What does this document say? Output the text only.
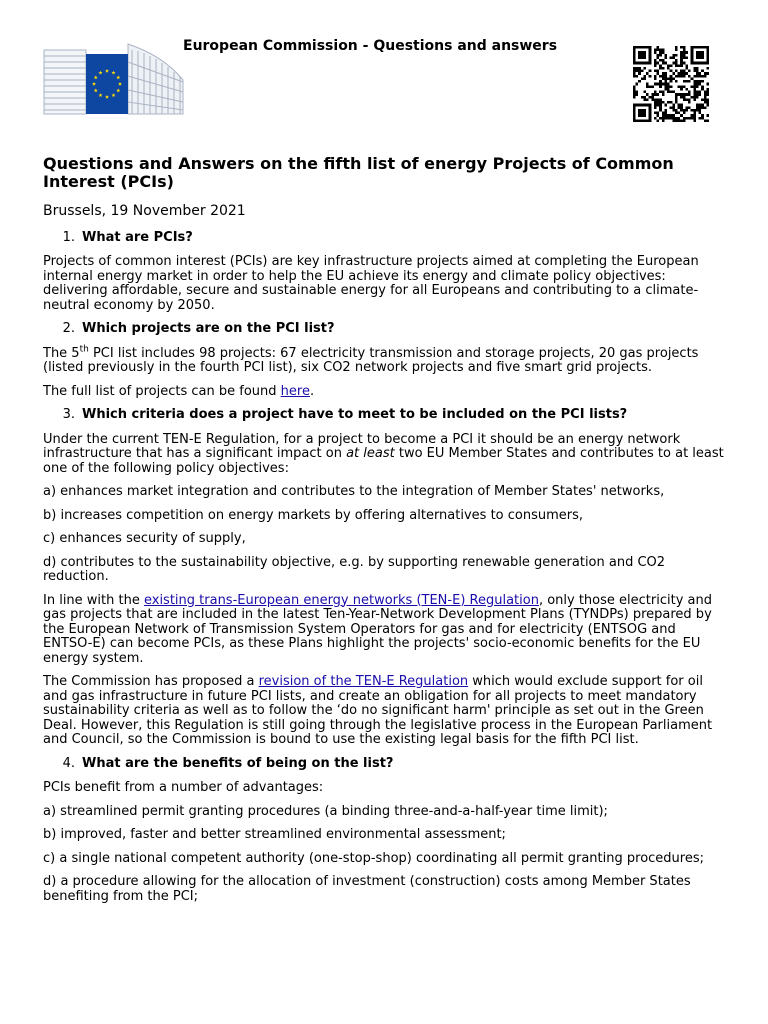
European Commission - Questions and answers
Questions and Answers on the fifth list of energy Projects of Common Interest (PCIs)
Brussels, 19 November 2021
1. What are PCIs?

Projects of common interest (PCIs) are key infrastructure projects aimed at completing the European internal energy market in order to help the EU achieve its energy and climate policy objectives: delivering affordable, secure and sustainable energy for all Europeans and contributing to a climate-neutral economy by 2050.

2. Which projects are on the PCI list?

The 5th PCI list includes 98 projects: 67 electricity transmission and storage projects, 20 gas projects (listed previously in the fourth PCI list), six CO2 network projects and five smart grid projects.

The full list of projects can be found here.

3. Which criteria does a project have to meet to be included on the PCI lists?

Under the current TEN-E Regulation, for a project to become a PCI it should be an energy network infrastructure that has a significant impact on at least two EU Member States and contributes to at least one of the following policy objectives:

a) enhances market integration and contributes to the integration of Member States' networks,

b) increases competition on energy markets by offering alternatives to consumers,

c) enhances security of supply,

d) contributes to the sustainability objective, e.g. by supporting renewable generation and CO2 reduction.

In line with the existing trans-European energy networks (TEN-E) Regulation, only those electricity and gas projects that are included in the latest Ten-Year-Network Development Plans (TYNDPs) prepared by the European Network of Transmission System Operators for gas and for electricity (ENTSOG and ENTSO-E) can become PCIs, as these Plans highlight the projects' socio-economic benefits for the EU energy system.

The Commission has proposed a revision of the TEN-E Regulation which would exclude support for oil and gas infrastructure in future PCI lists, and create an obligation for all projects to meet mandatory sustainability criteria as well as to follow the ‘do no significant harm' principle as set out in the Green Deal. However, this Regulation is still going through the legislative process in the European Parliament and Council, so the Commission is bound to use the existing legal basis for the fifth PCI list.

4. What are the benefits of being on the list?

PCIs benefit from a number of advantages:

a) streamlined permit granting procedures (a binding three-and-a-half-year time limit);

b) improved, faster and better streamlined environmental assessment;

c) a single national competent authority (one-stop-shop) coordinating all permit granting procedures;

d) a procedure allowing for the allocation of investment (construction) costs among Member States benefiting from the PCI;
